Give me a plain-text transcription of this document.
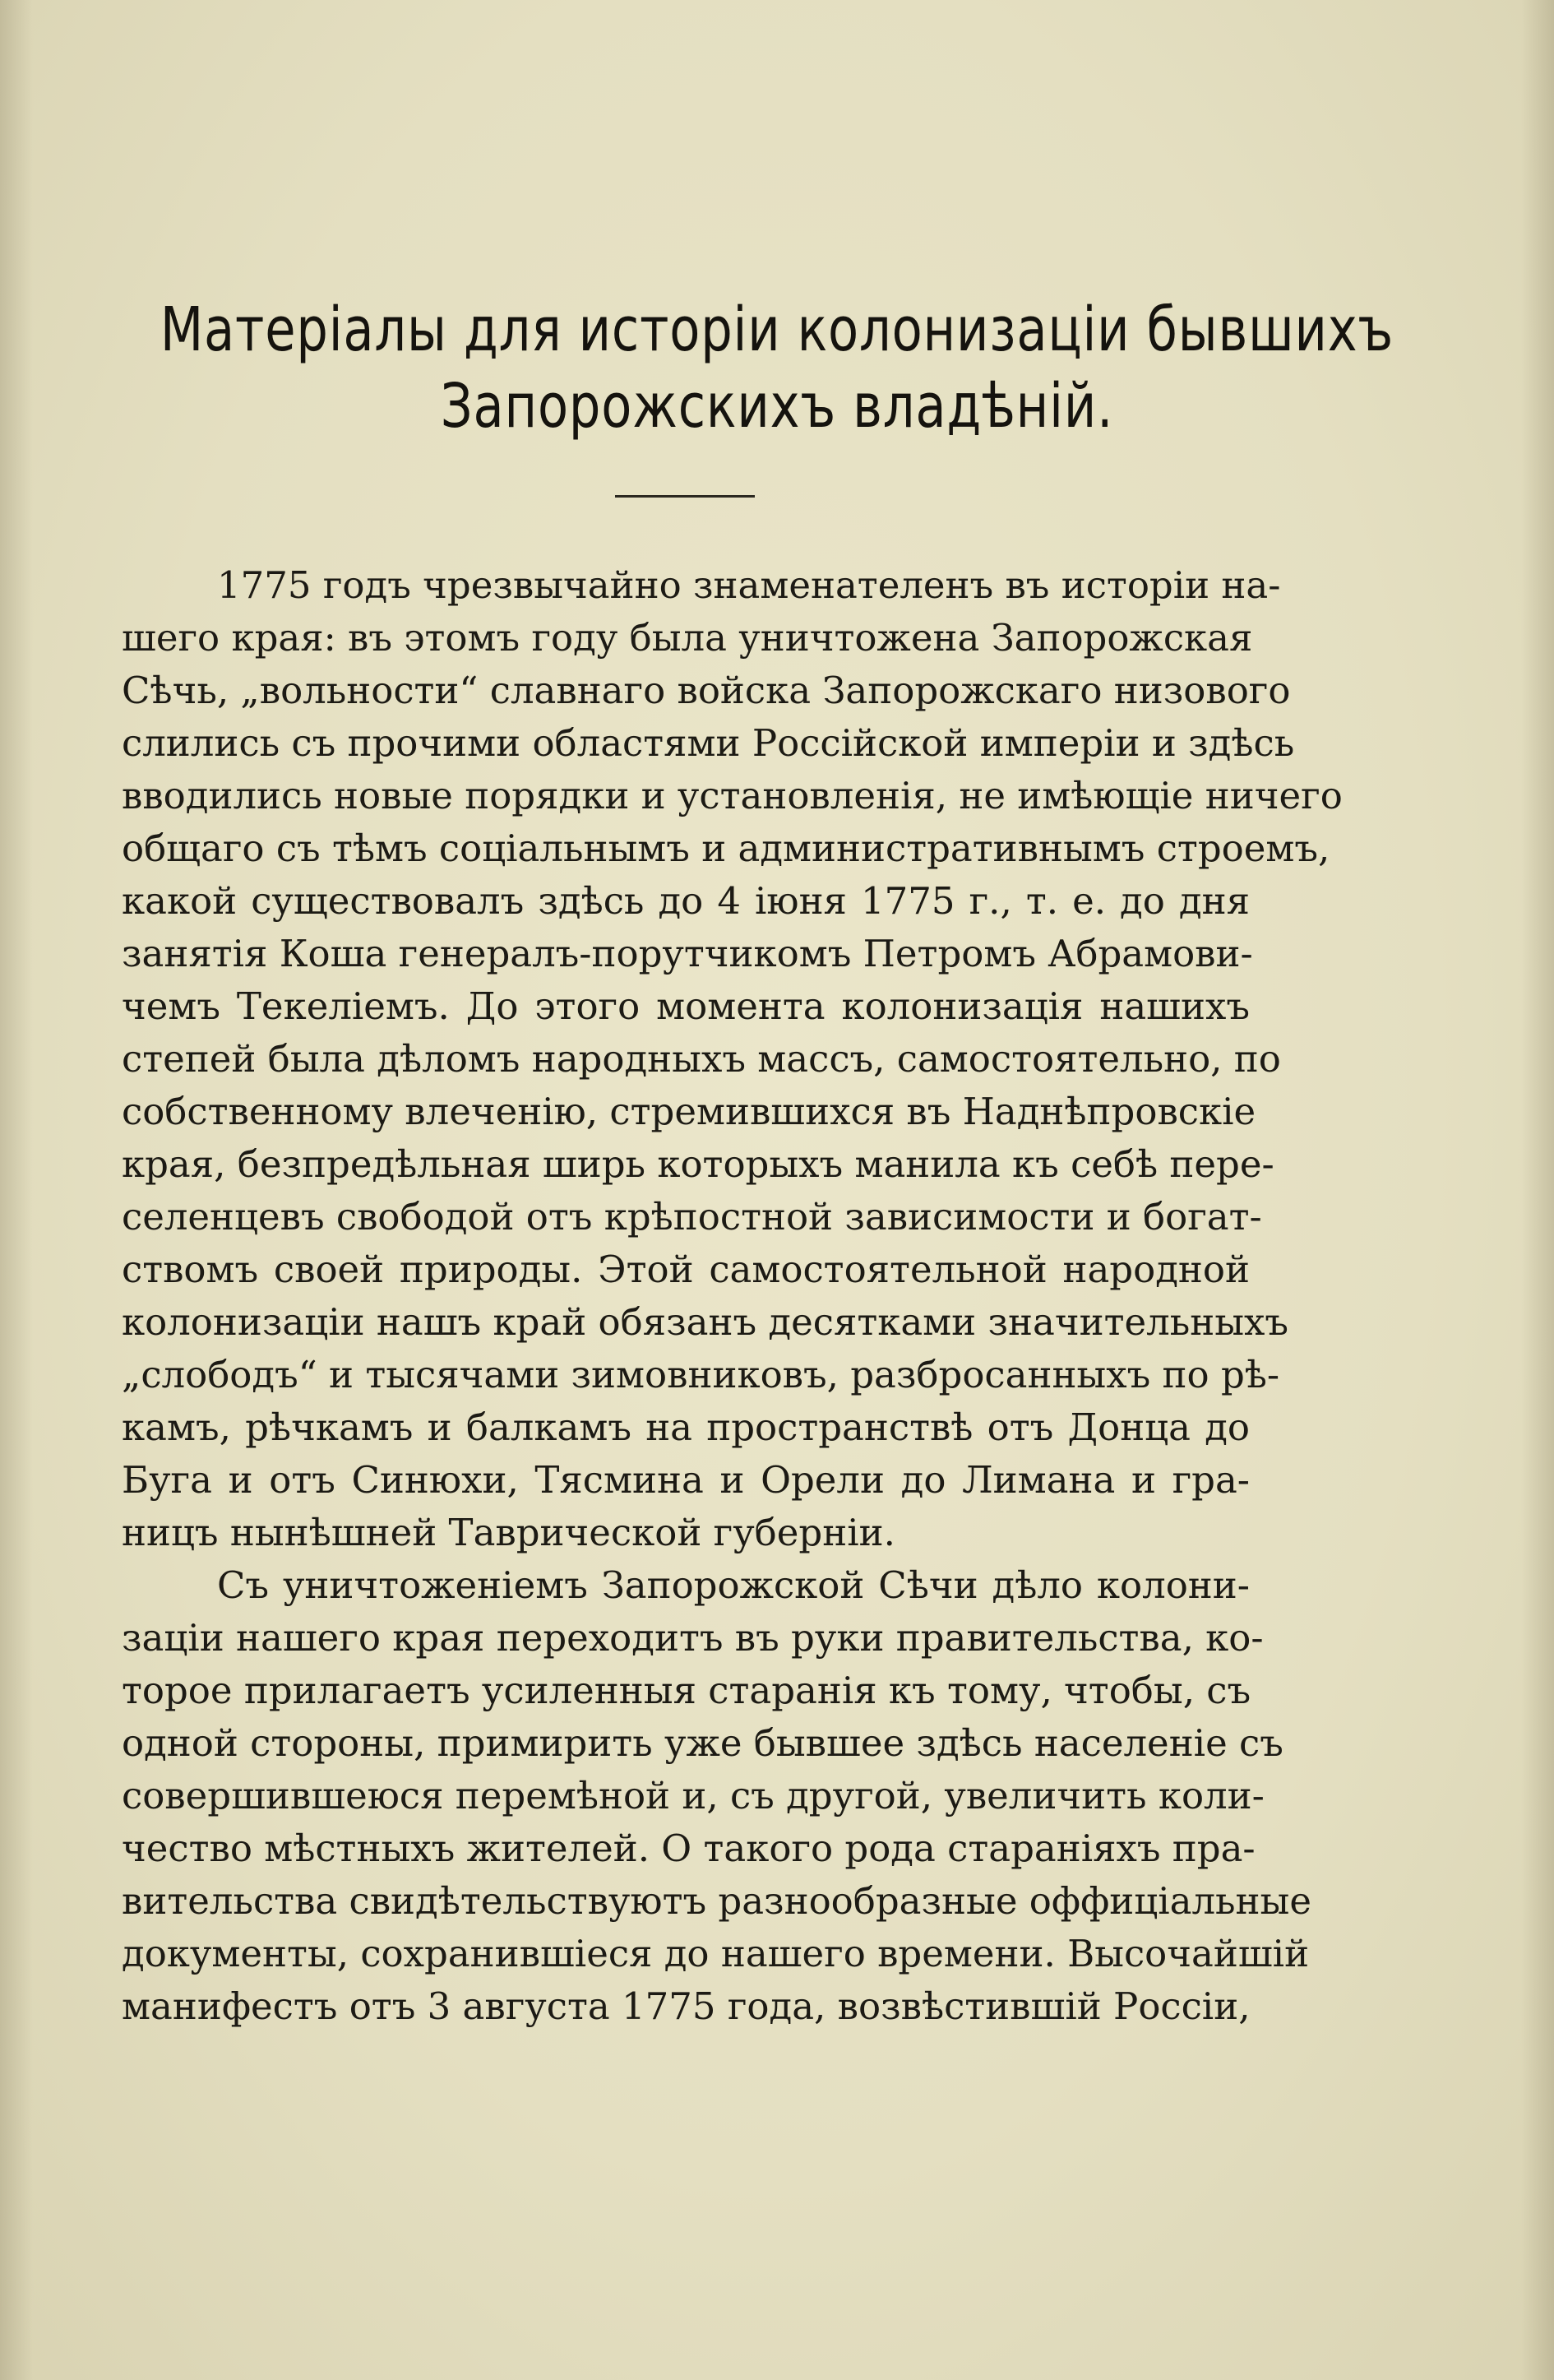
Матеріалы для исторіи колонизаціи бывшихъ
Запорожскихъ владѣній.
1775 годъ чрезвычайно знаменателенъ въ исторіи на-
шего края: въ этомъ году была уничтожена Запорожская
Сѣчь, „вольности“ славнаго войска Запорожскаго низового
слились съ прочими областями Россійской имперіи и здѣсь
вводились новые порядки и установленія, не имѣющіе ничего
общаго съ тѣмъ соціальнымъ и административнымъ строемъ,
какой существовалъ здѣсь до 4 іюня 1775 г., т. е. до дня
занятія Коша генералъ-порутчикомъ Петромъ Абрамови-
чемъ Текеліемъ. До этого момента колонизація нашихъ
степей была дѣломъ народныхъ массъ, самостоятельно, по
собственному влеченію, стремившихся въ Наднѣпровскіе
края, безпредѣльная ширь которыхъ манила къ себѣ пере-
селенцевъ свободой отъ крѣпостной зависимости и богат-
ствомъ своей природы. Этой самостоятельной народной
колонизаціи нашъ край обязанъ десятками значительныхъ
„слободъ“ и тысячами зимовниковъ, разбросанныхъ по рѣ-
камъ, рѣчкамъ и балкамъ на пространствѣ отъ Донца до
Буга и отъ Синюхи, Тясмина и Орели до Лимана и гра-
ницъ нынѣшней Таврической губерніи.
Съ уничтоженіемъ Запорожской Сѣчи дѣло колони-
заціи нашего края переходитъ въ руки правительства, ко-
торое прилагаетъ усиленныя старанія къ тому, чтобы, съ
одной стороны, примирить уже бывшее здѣсь населеніе съ
совершившеюся перемѣной и, съ другой, увеличить коли-
чество мѣстныхъ жителей. О такого рода стараніяхъ пра-
вительства свидѣтельствуютъ разнообразные оффиціальные
документы, сохранившіеся до нашего времени. Высочайшій
манифестъ отъ 3 августа 1775 года, возвѣстившій Россіи,
